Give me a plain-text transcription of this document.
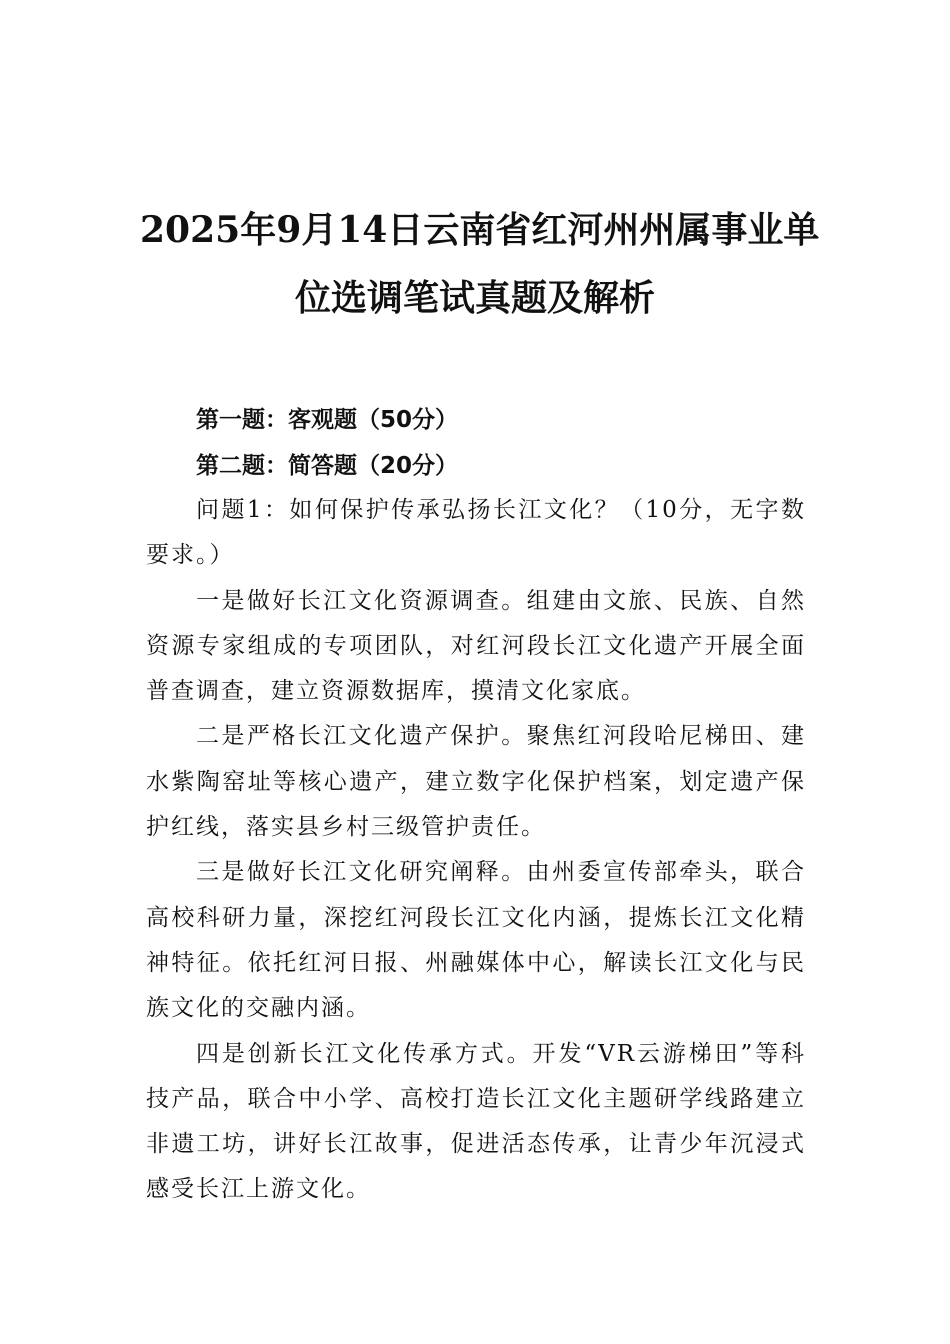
2025年9月14日云南省红河州州属事业单
位选调笔试真题及解析
第一题：客观题（50分）
第二题：简答题（20分）

问题1：如何保护传承弘扬长江文化？（10分，无字数要求。）

一是做好长江文化资源调查。组建由文旅、民族、自然资源专家组成的专项团队，对红河段长江文化遗产开展全面普查调查，建立资源数据库，摸清文化家底。

二是严格长江文化遗产保护。聚焦红河段哈尼梯田、建水紫陶窑址等核心遗产，建立数字化保护档案，划定遗产保护红线，落实县乡村三级管护责任。

三是做好长江文化研究阐释。由州委宣传部牵头，联合高校科研力量，深挖红河段长江文化内涵，提炼长江文化精神特征。依托红河日报、州融媒体中心，解读长江文化与民族文化的交融内涵。

四是创新长江文化传承方式。开发“VR云游梯田”等科技产品，联合中小学、高校打造长江文化主题研学线路建立非遗工坊，讲好长江故事，促进活态传承，让青少年沉浸式感受长江上游文化。
